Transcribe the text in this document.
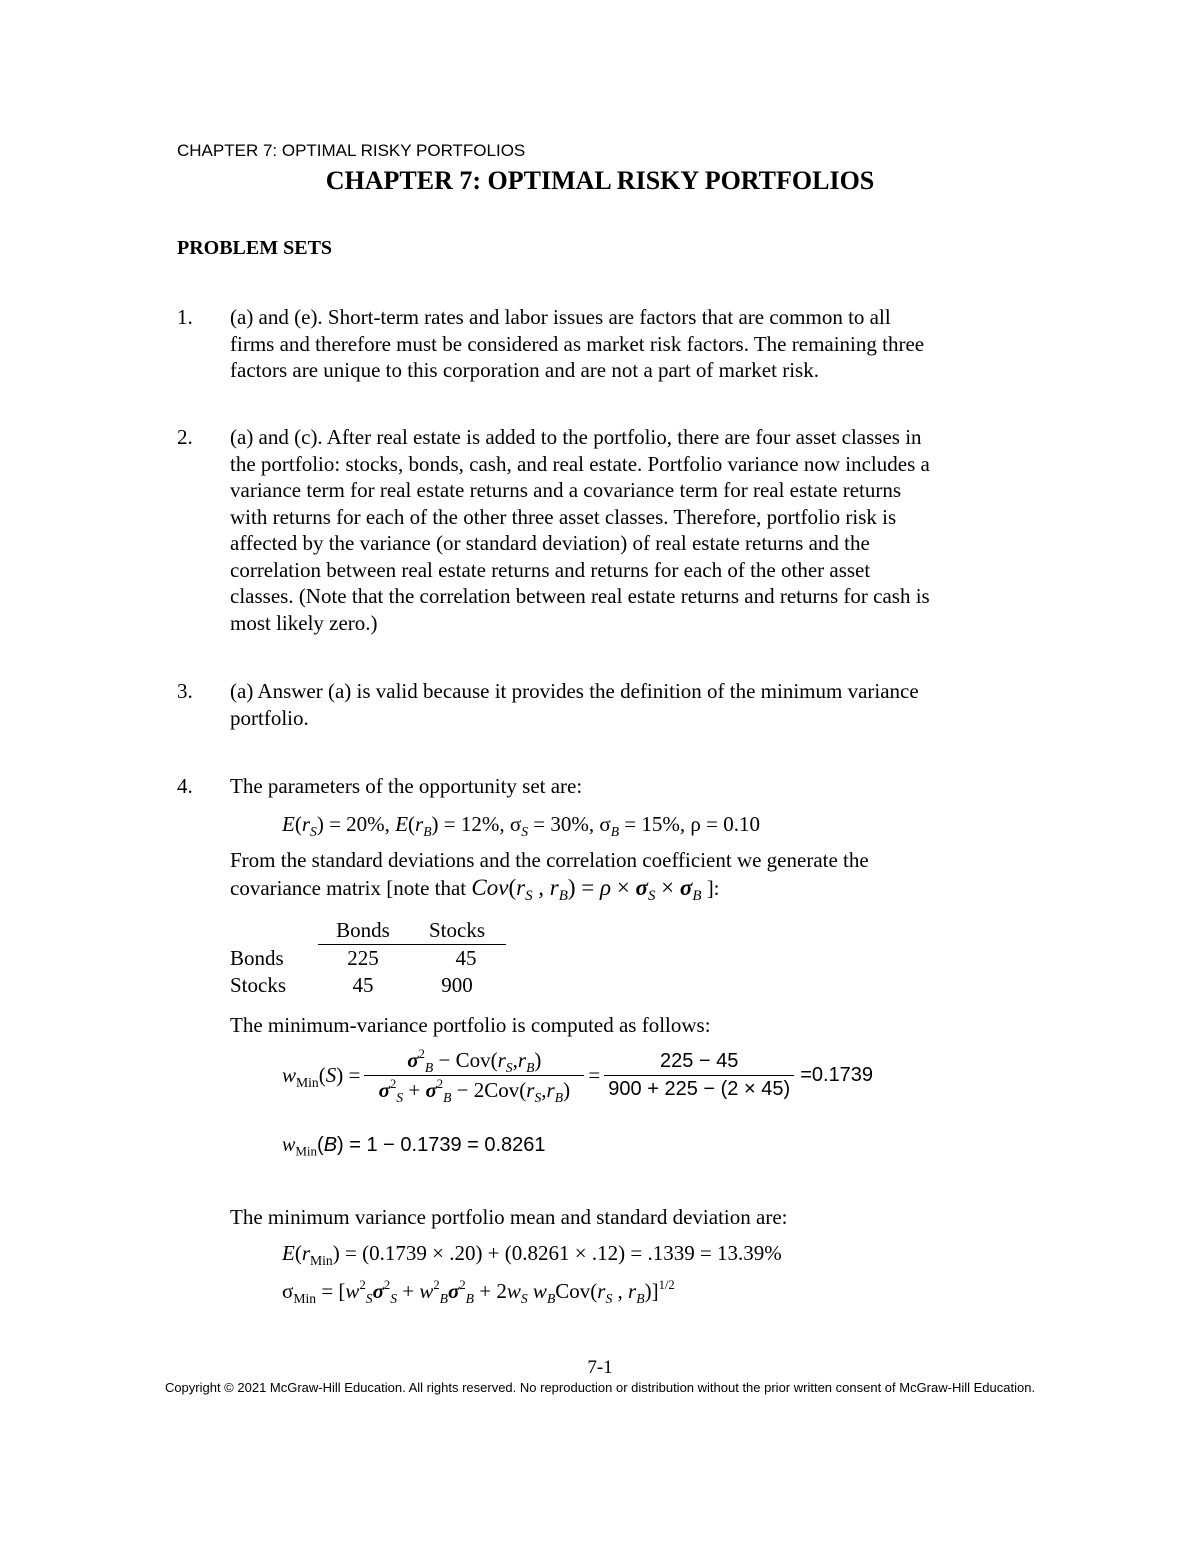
CHAPTER 7: OPTIMAL RISKY PORTFOLIOS
CHAPTER 7: OPTIMAL RISKY PORTFOLIOS
PROBLEM SETS
1. (a) and (e). Short-term rates and labor issues are factors that are common to all
firms and therefore must be considered as market risk factors. The remaining three
factors are unique to this corporation and are not a part of market risk.
2. (a) and (c). After real estate is added to the portfolio, there are four asset classes in
the portfolio: stocks, bonds, cash, and real estate. Portfolio variance now includes a
variance term for real estate returns and a covariance term for real estate returns
with returns for each of the other three asset classes. Therefore, portfolio risk is
affected by the variance (or standard deviation) of real estate returns and the
correlation between real estate returns and returns for each of the other asset
classes. (Note that the correlation between real estate returns and returns for cash is
most likely zero.)
3. (a) Answer (a) is valid because it provides the definition of the minimum variance
portfolio.
4. The parameters of the opportunity set are:
$E(r_S) = 20\%$, $E(r_B) = 12\%$, $\sigma_S = 30\%$, $\sigma_B = 15\%$, ρ = 0.10
From the standard deviations and the correlation coefficient we generate the
covariance matrix [note that $Cov(r_S$ , $r_B) = \rho \times \sigma_S \times \sigma_B$ ]:
	Bonds	Stocks
Bonds	225	45
Stocks	45	900
The minimum-variance portfolio is computed as follows:
$w_{Min}(S) = \frac{\sigma^2_B - Cov(r_S,r_B)}{\sigma^2_S + \sigma^2_B - 2Cov(r_S,r_B)} = \frac{225 - 45}{900 + 225 - (2 \times 45)} =0.1739$
$w_{Min}(B) = 1 - 0.1739 = 0.8261$
The minimum variance portfolio mean and standard deviation are:
$E(r_{Min}) = (0.1739 \times .20) + (0.8261 \times .12) = .1339 = 13.39\%$
$\sigma_{Min} = [w^2_S\sigma^2_S + w^2_B\sigma^2_B + 2w_S$ $w_BCov(r_S$ , $r_B)]^{1/2}$
7-1
Copyright © 2021 McGraw-Hill Education. All rights reserved. No reproduction or distribution without the prior written consent of McGraw-Hill Education.
